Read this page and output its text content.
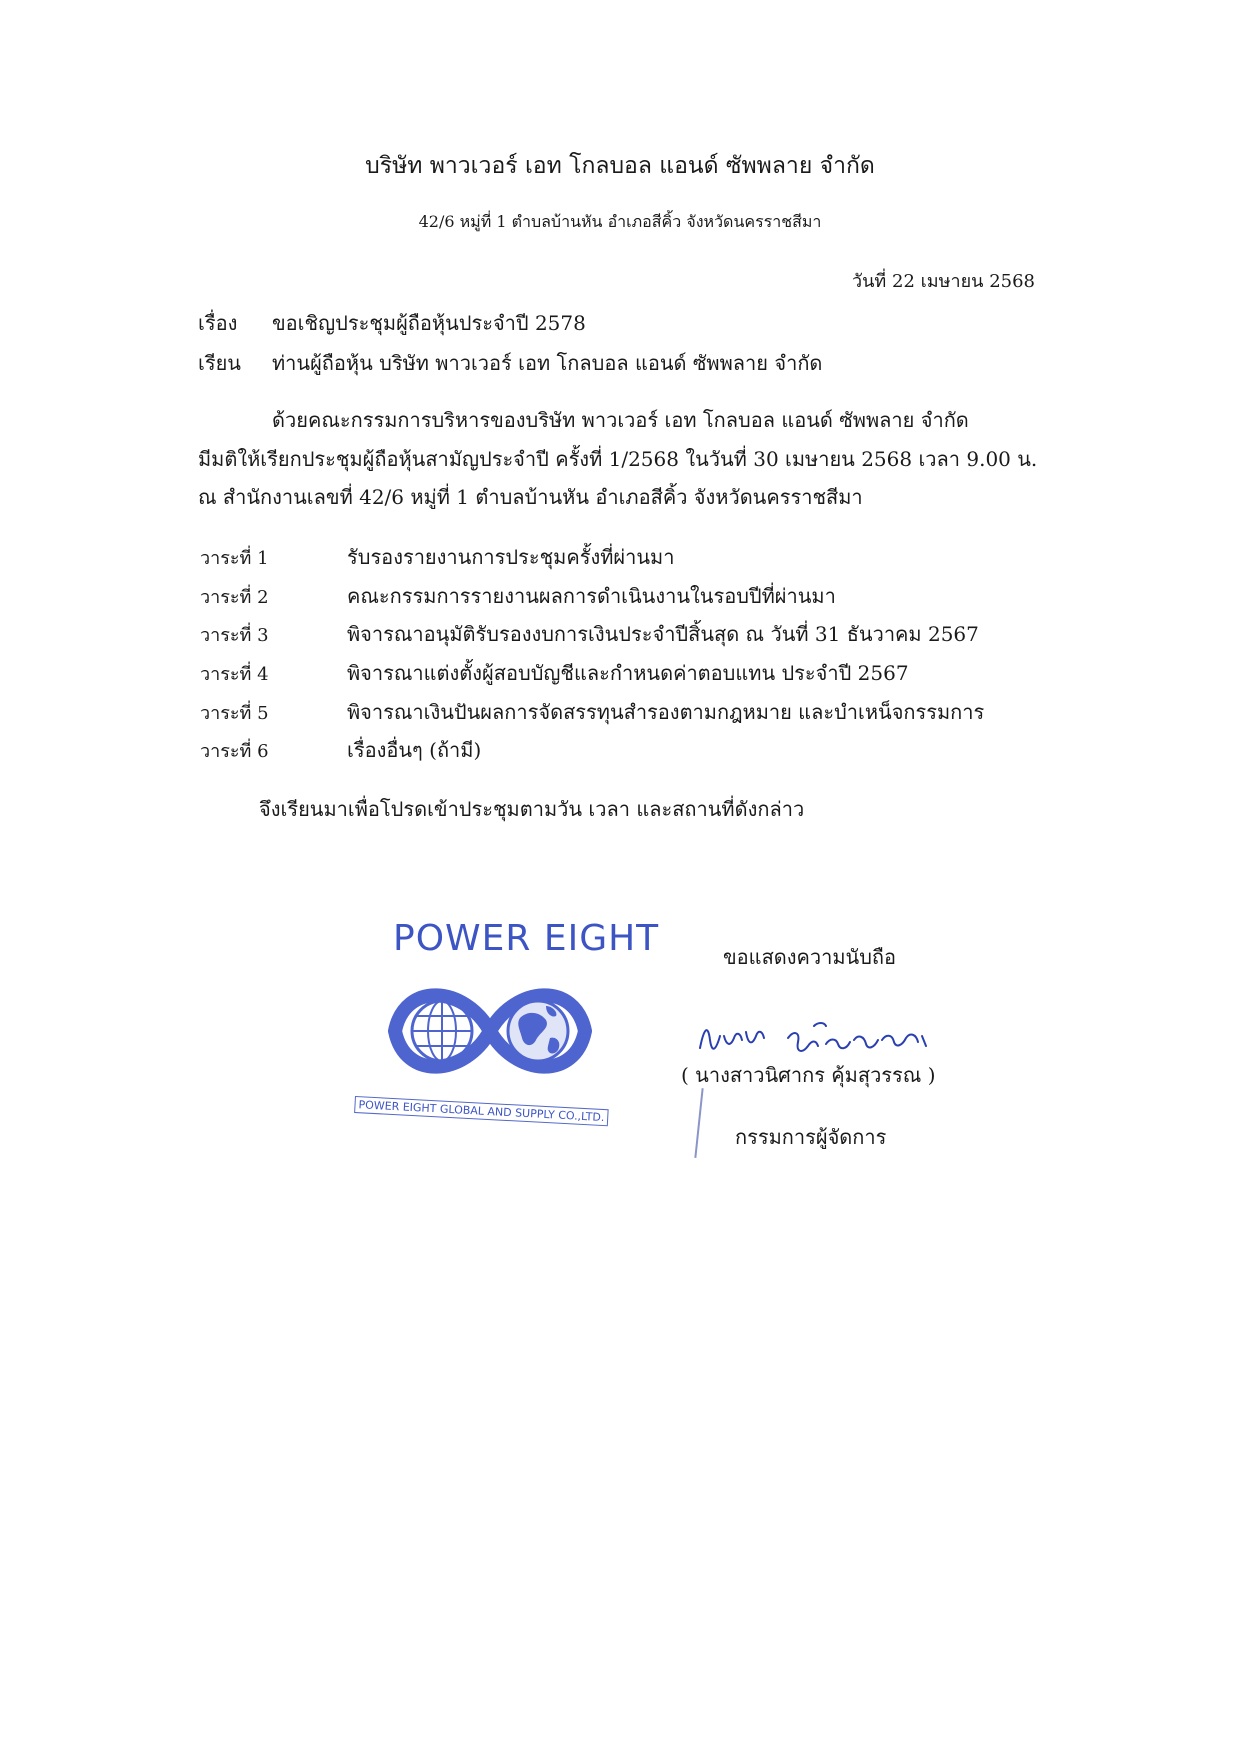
บริษัท พาวเวอร์ เอท โกลบอล แอนด์ ซัพพลาย จำกัด
42/6 หมู่ที่ 1 ตำบลบ้านหัน อำเภอสีคิ้ว จังหวัดนครราชสีมา
วันที่ 22 เมษายน 2568
เรื่อง ขอเชิญประชุมผู้ถือหุ้นประจำปี 2578
เรียน ท่านผู้ถือหุ้น บริษัท พาวเวอร์ เอท โกลบอล แอนด์ ซัพพลาย จำกัด
ด้วยคณะกรรมการบริหารของบริษัท พาวเวอร์ เอท โกลบอล แอนด์ ซัพพลาย จำกัด
มีมติให้เรียกประชุมผู้ถือหุ้นสามัญประจำปี ครั้งที่ 1/2568 ในวันที่ 30 เมษายน 2568 เวลา 9.00 น.
ณ สำนักงานเลขที่ 42/6 หมู่ที่ 1 ตำบลบ้านหัน อำเภอสีคิ้ว จังหวัดนครราชสีมา
วาระที่ 1	รับรองรายงานการประชุมครั้งที่ผ่านมา
วาระที่ 2	คณะกรรมการรายงานผลการดำเนินงานในรอบปีที่ผ่านมา
วาระที่ 3	พิจารณาอนุมัติรับรองงบการเงินประจำปีสิ้นสุด ณ วันที่ 31 ธันวาคม 2567
วาระที่ 4	พิจารณาแต่งตั้งผู้สอบบัญชีและกำหนดค่าตอบแทน ประจำปี 2567
วาระที่ 5	พิจารณาเงินปันผลการจัดสรรทุนสำรองตามกฎหมาย และบำเหน็จกรรมการ
วาระที่ 6	เรื่องอื่นๆ (ถ้ามี)
จึงเรียนมาเพื่อโปรดเข้าประชุมตามวัน เวลา และสถานที่ดังกล่าว
POWER EIGHT
POWER EIGHT GLOBAL AND SUPPLY CO.,LTD.
ขอแสดงความนับถือ
( นางสาวนิศากร คุ้มสุวรรณ )
กรรมการผู้จัดการ
